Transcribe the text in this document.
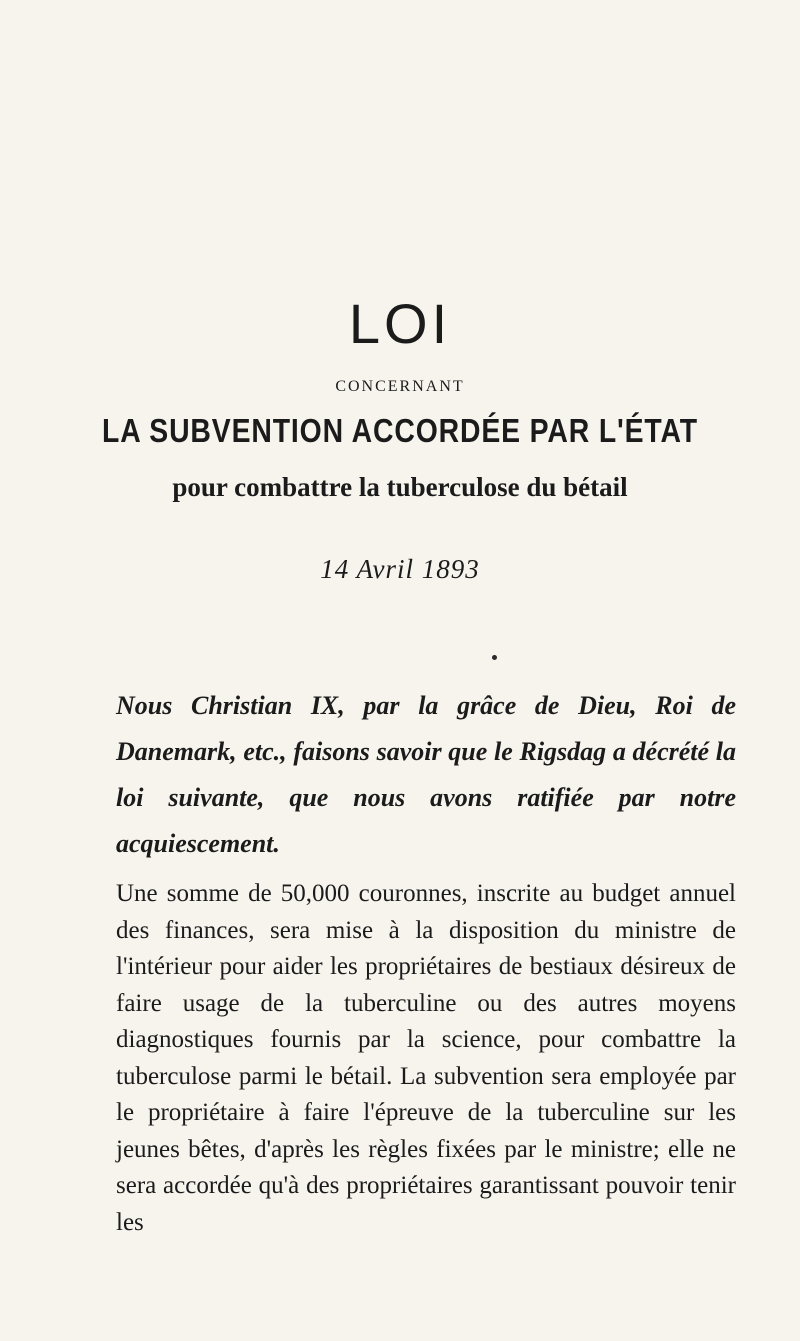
LOI
CONCERNANT
LA SUBVENTION ACCORDÉE PAR L'ÉTAT
pour combattre la tuberculose du bétail
14 Avril 1893

Nous Christian IX, par la grâce de Dieu, Roi de Danemark, etc., faisons savoir que le Rigsdag a décrété la loi suivante, que nous avons ratifiée par notre acquiescement.

Une somme de 50,000 couronnes, inscrite au budget annuel des finances, sera mise à la disposition du ministre de l'intérieur pour aider les propriétaires de bestiaux désireux de faire usage de la tuberculine ou des autres moyens diagnostiques fournis par la science, pour combattre la tuberculose parmi le bétail. La subvention sera employée par le propriétaire à faire l'épreuve de la tuberculine sur les jeunes bêtes, d'après les règles fixées par le ministre; elle ne sera accordée qu'à des propriétaires garantissant pouvoir tenir les
